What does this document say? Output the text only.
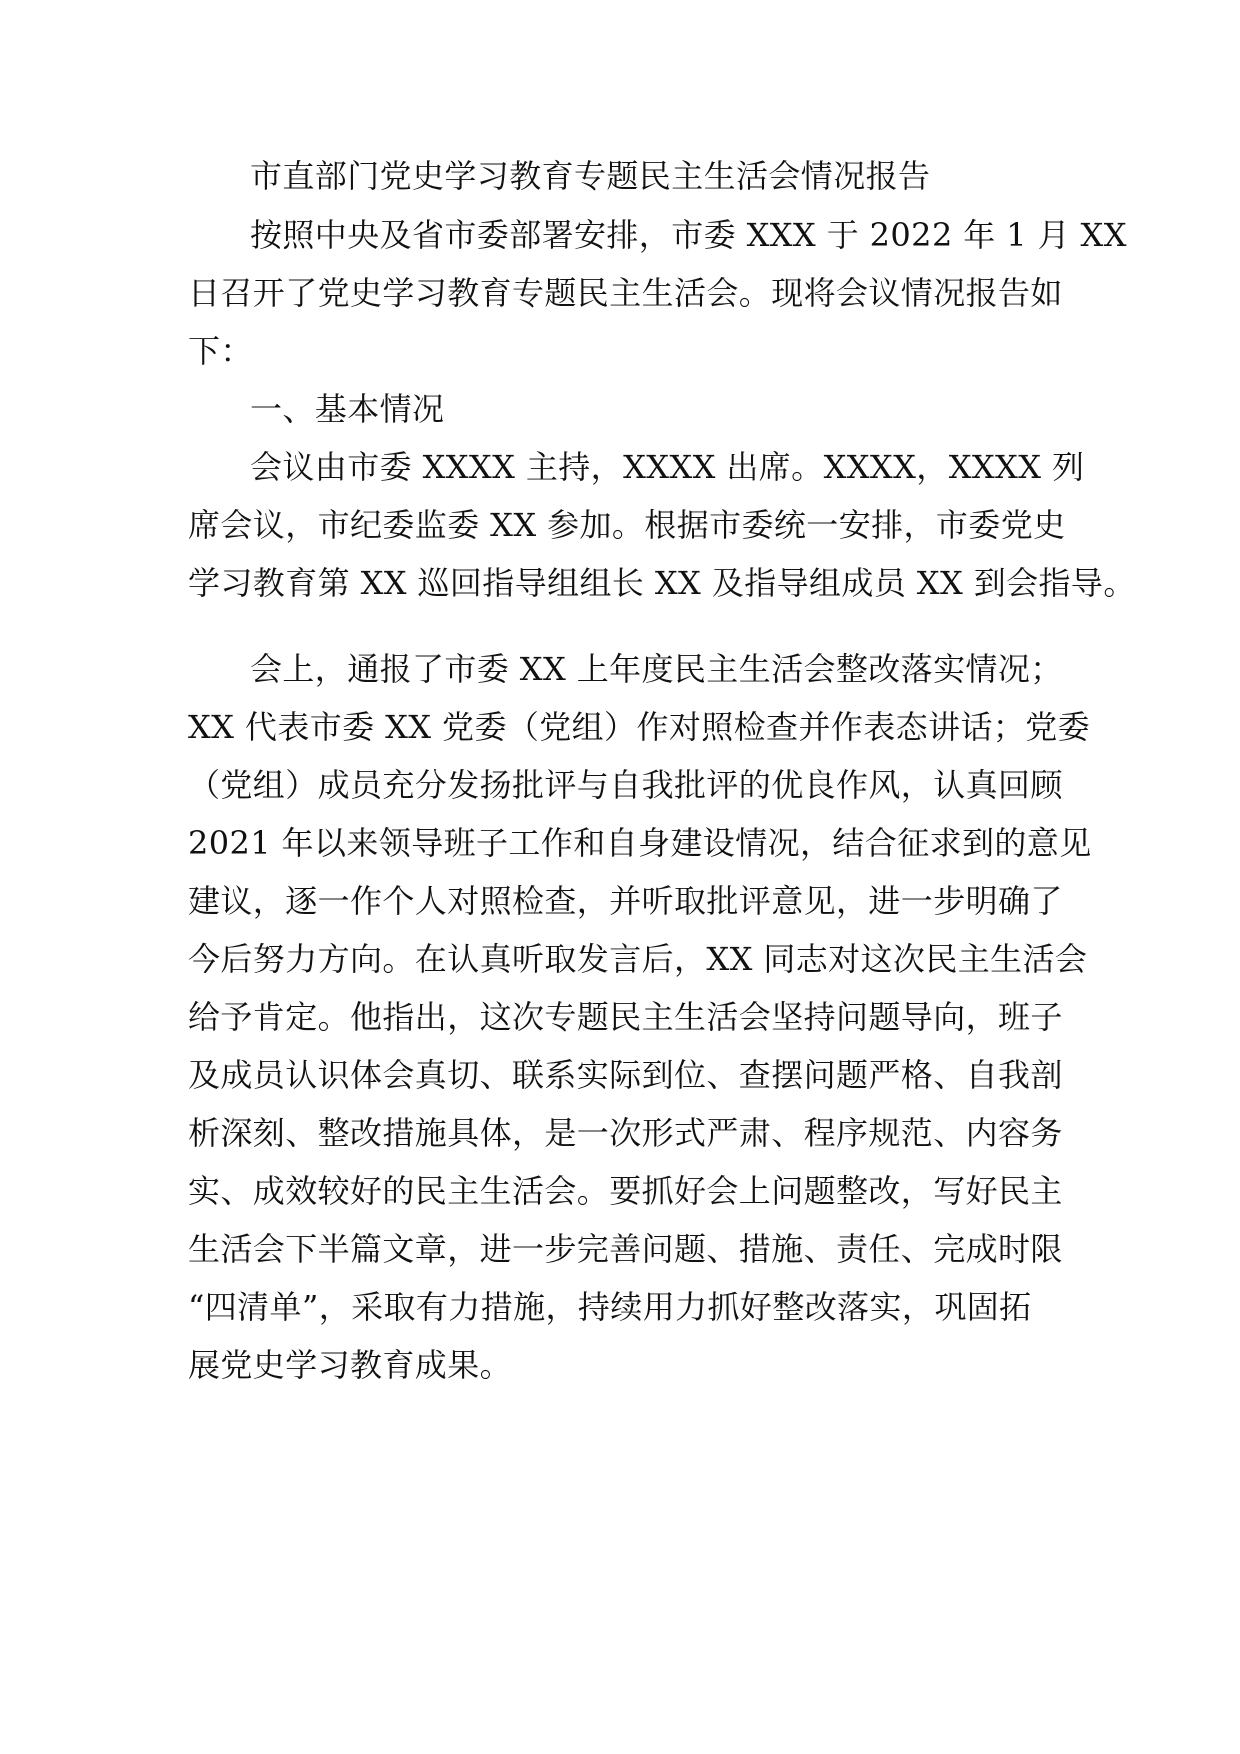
市直部门党史学习教育专题民主生活会情况报告
按照中央及省市委部署安排，市委 XXX 于 2022 年 1 月 XX
日召开了党史学习教育专题民主生活会。现将会议情况报告如
下：
一、基本情况
会议由市委 XXXX 主持，XXXX 出席。XXXX，XXXX 列
席会议，市纪委监委 XX 参加。根据市委统一安排，市委党史
学习教育第 XX 巡回指导组组长 XX 及指导组成员 XX 到会指导。
会上，通报了市委 XX 上年度民主生活会整改落实情况；
XX 代表市委 XX 党委（党组）作对照检查并作表态讲话；党委
（党组）成员充分发扬批评与自我批评的优良作风，认真回顾
2021 年以来领导班子工作和自身建设情况，结合征求到的意见
建议，逐一作个人对照检查，并听取批评意见，进一步明确了
今后努力方向。在认真听取发言后，XX 同志对这次民主生活会
给予肯定。他指出，这次专题民主生活会坚持问题导向，班子
及成员认识体会真切、联系实际到位、查摆问题严格、自我剖
析深刻、整改措施具体，是一次形式严肃、程序规范、内容务
实、成效较好的民主生活会。要抓好会上问题整改，写好民主
生活会下半篇文章，进一步完善问题、措施、责任、完成时限
“四清单”，采取有力措施，持续用力抓好整改落实，巩固拓
展党史学习教育成果。
